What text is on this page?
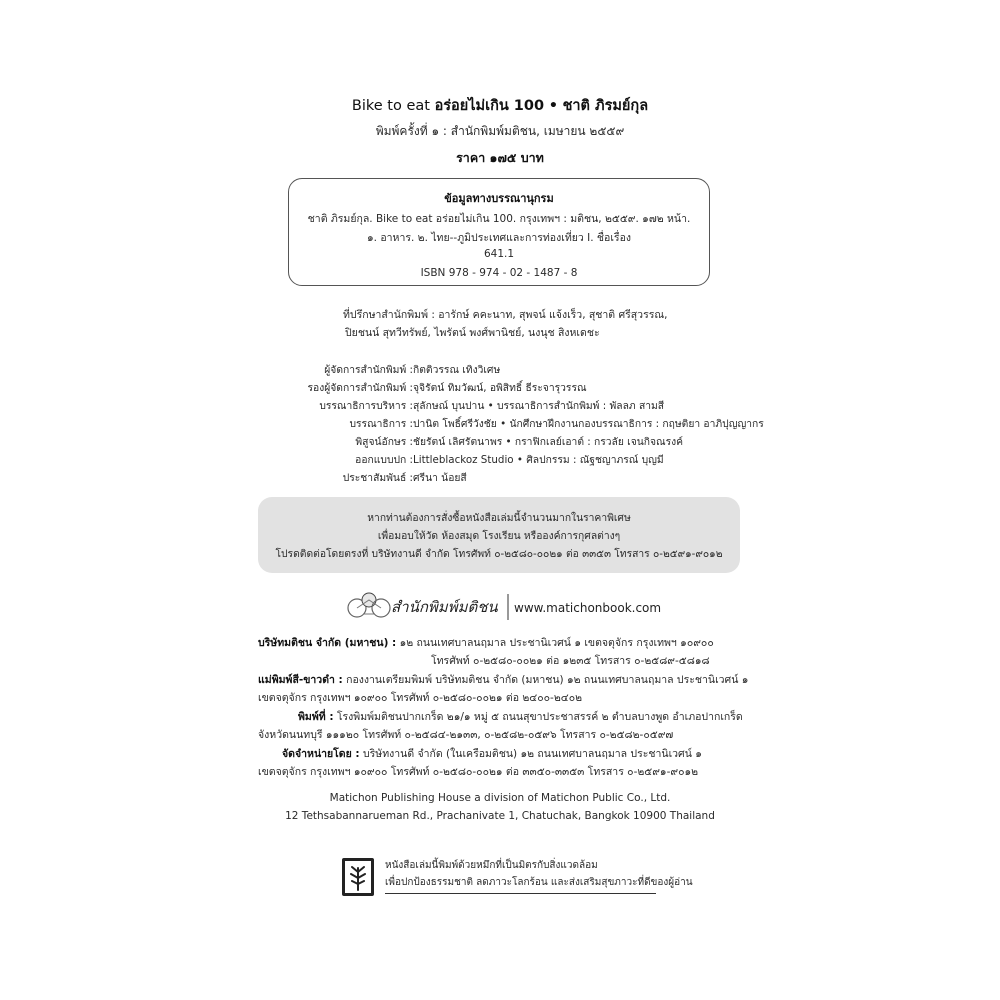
Bike to eat อร่อยไม่เกิน 100 • ชาติ ภิรมย์กุล
พิมพ์ครั้งที่ ๑ : สำนักพิมพ์มติชน, เมษายน ๒๕๕๙
ราคา ๑๗๕ บาท
ข้อมูลทางบรรณานุกรม
ชาติ ภิรมย์กุล. Bike to eat อร่อยไม่เกิน 100. กรุงเทพฯ : มติชน, ๒๕๕๙. ๑๗๒ หน้า.
๑. อาหาร. ๒. ไทย--ภูมิประเทศและการท่องเที่ยว I. ชื่อเรื่อง
641.1
ISBN 978 - 974 - 02 - 1487 - 8
ที่ปรึกษาสำนักพิมพ์ : อารักษ์ คคะนาท, สุพจน์ แจ้งเร็ว, สุชาติ ศรีสุวรรณ,
ปิยชนน์ สุทวีทรัพย์, ไพรัตน์ พงศ์พานิชย์, นงนุช สิงหเดชะ
ผู้จัดการสำนักพิมพ์ : กิตติวรรณ เทิงวิเศษ
รองผู้จัดการสำนักพิมพ์ : จุจิรัตน์ ทิมวัฒน์, อพิสิทธิ์ ธีระจารุวรรณ
บรรณาธิการบริหาร : สุลักษณ์ บุนปาน • บรรณาธิการสำนักพิมพ์ : พัลลภ สามสี
บรรณาธิการ : ปานิต โพธิ์ศรีวังชัย • นักศึกษาฝึกงานกองบรรณาธิการ : กฤษติยา อาภิปุญญากร
พิสูจน์อักษร : ชัยรัตน์ เลิศรัตนาพร • กราฟิกเลย์เอาต์ : กรวลัย เจนกิจณรงค์
ออกแบบปก : Littleblackoz Studio • ศิลปกรรม : ณัฐชญาภรณ์ บุญมี
ประชาสัมพันธ์ : ศรีนา น้อยสี
หากท่านต้องการสั่งซื้อหนังสือเล่มนี้จำนวนมากในราคาพิเศษ
เพื่อมอบให้วัด ห้องสมุด โรงเรียน หรือองค์การกุศลต่างๆ
โปรดติดต่อโดยตรงที่ บริษัทงานดี จำกัด โทรศัพท์ ๐-๒๕๘๐-๐๐๒๑ ต่อ ๓๓๕๓ โทรสาร ๐-๒๕๙๑-๙๐๑๒
สำนักพิมพ์มติชน www.matichonbook.com
บริษัทมติชน จำกัด (มหาชน) : ๑๒ ถนนเทศบาลนฤมาล ประชานิเวศน์ ๑ เขตจตุจักร กรุงเทพฯ ๑๐๙๐๐
โทรศัพท์ ๐-๒๕๘๐-๐๐๒๑ ต่อ ๑๒๓๕ โทรสาร ๐-๒๕๘๙-๕๘๑๘
แม่พิมพ์สี-ขาวดำ : กองงานเตรียมพิมพ์ บริษัทมติชน จำกัด (มหาชน) ๑๒ ถนนเทศบาลนฤมาล ประชานิเวศน์ ๑
เขตจตุจักร กรุงเทพฯ ๑๐๙๐๐ โทรศัพท์ ๐-๒๕๘๐-๐๐๒๑ ต่อ ๒๔๐๐-๒๔๐๒
พิมพ์ที่ : โรงพิมพ์มติชนปากเกร็ด ๒๑/๑ หมู่ ๕ ถนนสุขาประชาสรรค์ ๒ ตำบลบางพูด อำเภอปากเกร็ด
จังหวัดนนทบุรี ๑๑๑๒๐ โทรศัพท์ ๐-๒๕๘๔-๒๑๓๓, ๐-๒๕๘๒-๐๕๙๖ โทรสาร ๐-๒๕๘๒-๐๕๙๗
จัดจำหน่ายโดย : บริษัทงานดี จำกัด (ในเครือมติชน) ๑๒ ถนนเทศบาลนฤมาล ประชานิเวศน์ ๑
เขตจตุจักร กรุงเทพฯ ๑๐๙๐๐ โทรศัพท์ ๐-๒๕๘๐-๐๐๒๑ ต่อ ๓๓๕๐-๓๓๕๓ โทรสาร ๐-๒๕๙๑-๙๐๑๒
Matichon Publishing House a division of Matichon Public Co., Ltd.
12 Tethsabannarueman Rd., Prachanivate 1, Chatuchak, Bangkok 10900 Thailand
หนังสือเล่มนี้พิมพ์ด้วยหมึกที่เป็นมิตรกับสิ่งแวดล้อม
เพื่อปกป้องธรรมชาติ ลดภาวะโลกร้อน และส่งเสริมสุขภาวะที่ดีของผู้อ่าน
